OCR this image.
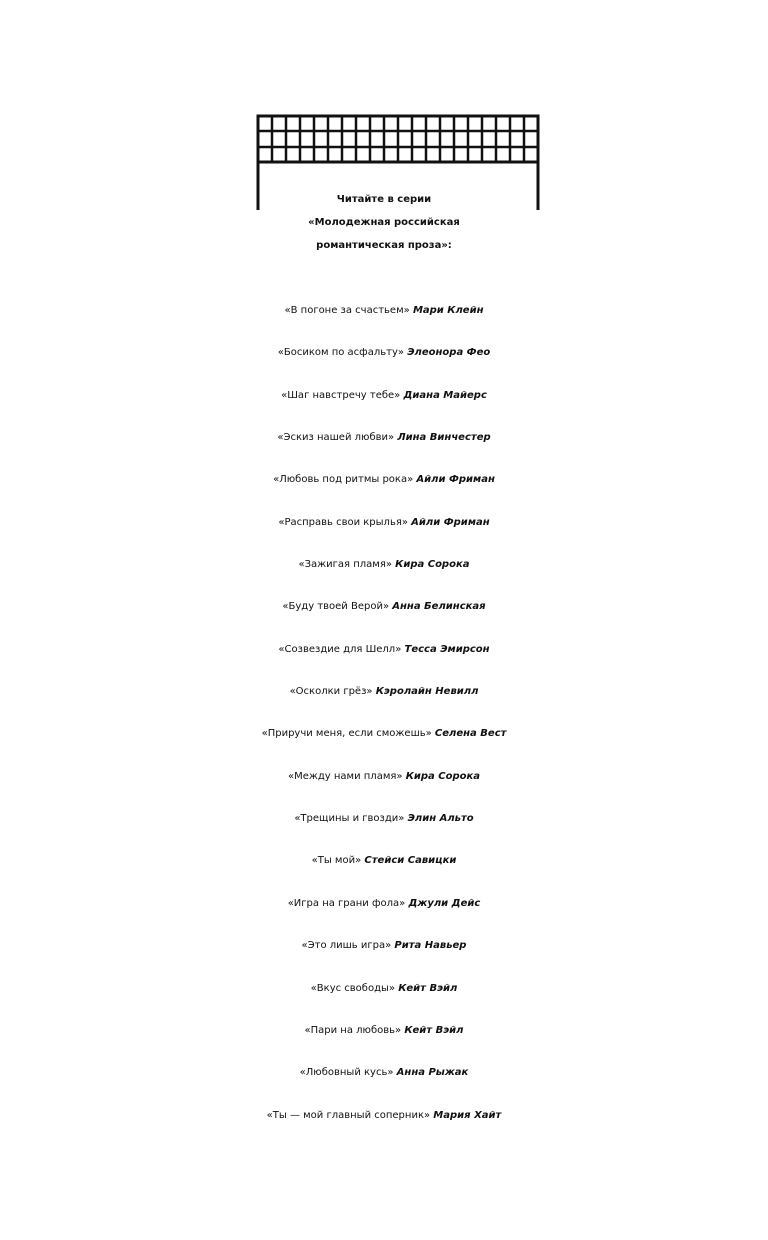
Читайте в серии
«Молодежная российская
романтическая проза»:
«В погоне за счастьем» Мари Клейн
«Босиком по асфальту» Элеонора Фео
«Шаг навстречу тебе» Диана Майерс
«Эскиз нашей любви» Лина Винчестер
«Любовь под ритмы рока» Айли Фриман
«Расправь свои крылья» Айли Фриман
«Зажигая пламя» Кира Сорока
«Буду твоей Верой» Анна Белинская
«Созвездие для Шелл» Тесса Эмирсон
«Осколки грёз» Кэролайн Невилл
«Приручи меня, если сможешь» Селена Вест
«Между нами пламя» Кира Сорока
«Трещины и гвозди» Элин Альто
«Ты мой» Стейси Савицки
«Игра на грани фола» Джули Дейс
«Это лишь игра» Рита Навьер
«Вкус свободы» Кейт Вэйл
«Пари на любовь» Кейт Вэйл
«Любовный кусь» Анна Рыжак
«Ты — мой главный соперник» Мария Хайт
